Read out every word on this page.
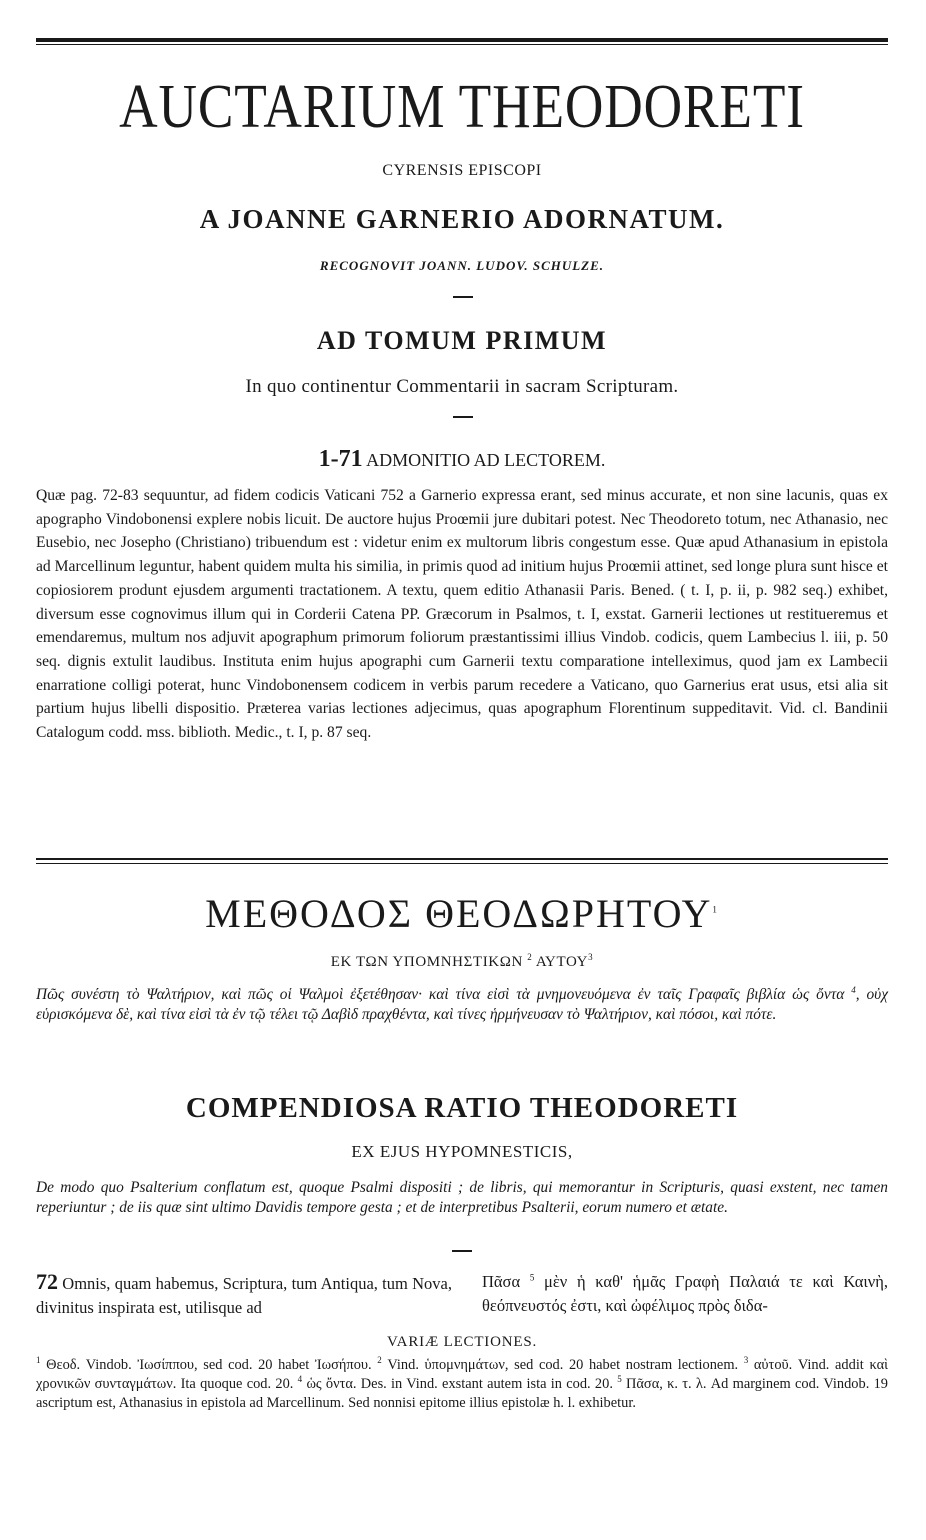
AUCTARIUM THEODORETI
CYRENSIS EPISCOPI
A JOANNE GARNERIO ADORNATUM.
RECOGNOVIT JOANN. LUDOV. SCHULZE.
AD TOMUM PRIMUM
In quo continentur Commentarii in sacram Scripturam.
1-71 ADMONITIO AD LECTOREM.
Quæ pag. 72-83 sequuntur, ad fidem codicis Vaticani 752 a Garnerio expressa erant, sed minus accurate, et non sine lacunis, quas ex apographo Vindobonensi explere nobis licuit. De auctore hujus Proœmii jure dubitari potest. Nec Theodoreto totum, nec Athanasio, nec Eusebio, nec Josepho (Christiano) tribuendum est : videtur enim ex multorum libris congestum esse. Quæ apud Athanasium in epistola ad Marcellinum leguntur, habent quidem multa his similia, in primis quod ad initium hujus Proœmii attinet, sed longe plura sunt hisce et copiosiorem produnt ejusdem argumenti tractationem. A textu, quem editio Athanasii Paris. Bened. ( t. I, p. ii, p. 982 seq.) exhibet, diversum esse cognovimus illum qui in Corderii Catena PP. Græcorum in Psalmos, t. I, exstat. Garnerii lectiones ut restitueremus et emendaremus, multum nos adjuvit apographum primorum foliorum præstantissimi illius Vindob. codicis, quem Lambecius l. iii, p. 50 seq. dignis extulit laudibus. Instituta enim hujus apographi cum Garnerii textu comparatione intelleximus, quod jam ex Lambecii enarratione colligi poterat, hunc Vindobonensem codicem in verbis parum recedere a Vaticano, quo Garnerius erat usus, etsi alia sit partium hujus libelli dispositio. Præterea varias lectiones adjecimus, quas apographum Florentinum suppeditavit. Vid. cl. Bandinii Catalogum codd. mss. biblioth. Medic., t. I, p. 87 seq.
ΜΕΘΟΔΟΣ ΘΕΟΔΩΡΗΤΟΥ$^1$
ΕΚ ΤΩΝ ΥΠΟΜΝΗΣΤΙΚΩΝ $^2$ ΑΥΤΟΥ$^3$
Πῶς συνέστη τὸ Ψαλτήριον, καὶ πῶς οἱ Ψαλμοὶ ἐξετέθησαν· καὶ τίνα εἰσὶ τὰ μνημονευόμενα ἐν ταῖς Γραφαῖς βιβλία ὡς ὄντα $^4$, οὐχ εὑρισκόμενα δὲ, καὶ τίνα εἰσὶ τὰ ἐν τῷ τέλει τῷ Δαβὶδ πραχθέντα, καὶ τίνες ἡρμήνευσαν τὸ Ψαλτήριον, καὶ πόσοι, καὶ πότε.
COMPENDIOSA RATIO THEODORETI
EX EJUS HYPOMNESTICIS,
De modo quo Psalterium conflatum est, quoque Psalmi dispositi ; de libris, qui memorantur in Scripturis, quasi exstent, nec tamen reperiuntur ; de iis quæ sint ultimo Davidis tempore gesta ; et de interpretibus Psalterii, eorum numero et ætate.
72 Omnis, quam habemus, Scriptura, tum Antiqua, tum Nova, divinitus inspirata est, utilisque ad
Πᾶσα $^5$ μὲν ἡ καθ' ἡμᾶς Γραφὴ Παλαιά τε καὶ Καινὴ, θεόπνευστός ἐστι, καὶ ὠφέλιμος πρὸς διδα-
VARIÆ LECTIONES.
$^1$ Θεοδ. Vindob. Ἰωσίππου, sed cod. 20 habet Ἰωσήπου. $^2$ Vind. ὑπομνημάτων, sed cod. 20 habet nostram lectionem. $^3$ αὐτοῦ. Vind. addit καὶ χρονικῶν συνταγμάτων. Ita quoque cod. 20. $^4$ ὡς ὄντα. Des. in Vind. exstant autem ista in cod. 20. $^5$ Πᾶσα, κ. τ. λ. Ad marginem cod. Vindob. 19 ascriptum est, Athanasius in epistola ad Marcellinum. Sed nonnisi epitome illius epistolæ h. l. exhibetur.
